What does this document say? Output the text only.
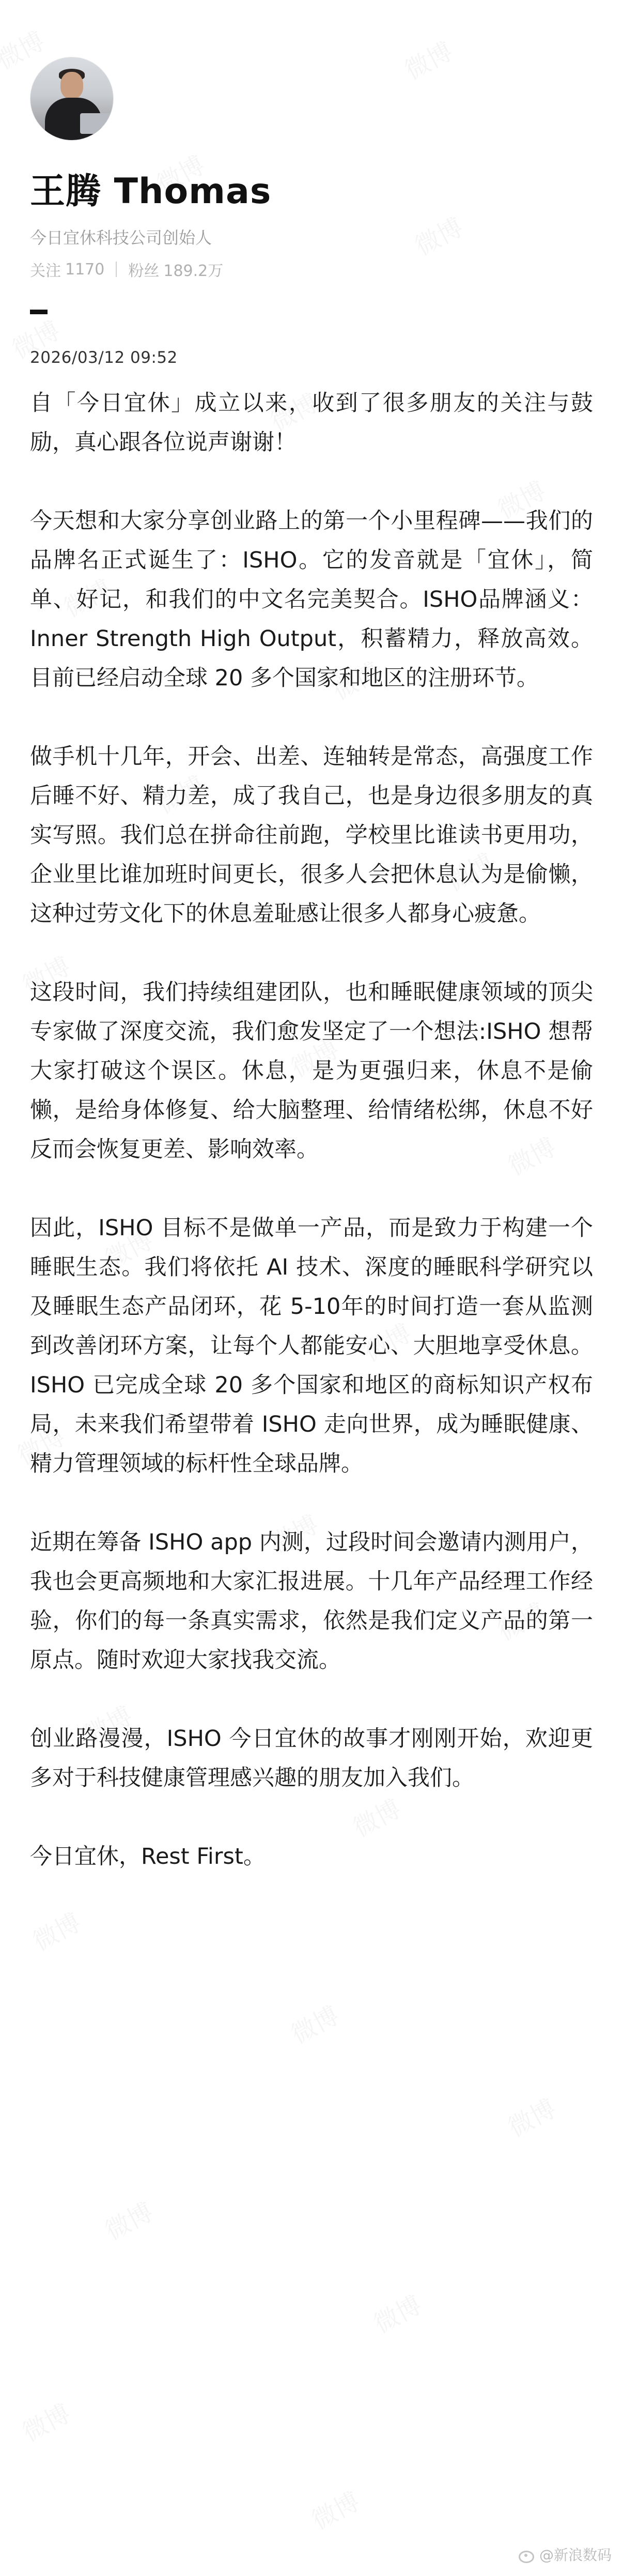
王腾 Thomas
今日宜休科技公司创始人
关注 1170 粉丝 189.2万
2026/03/12 09:52

自「今日宜休」成立以来，收到了很多朋友的关注与鼓励，真心跟各位说声谢谢！

今天想和大家分享创业路上的第一个小里程碑——我们的品牌名正式诞生了：ISHO。它的发音就是「宜休」，简单、好记，和我们的中文名完美契合。ISHO品牌涵义：Inner Strength High Output，积蓄精力，释放高效。目前已经启动全球 20 多个国家和地区的注册环节。

做手机十几年，开会、出差、连轴转是常态，高强度工作后睡不好、精力差，成了我自己，也是身边很多朋友的真实写照。我们总在拼命往前跑，学校里比谁读书更用功，企业里比谁加班时间更长，很多人会把休息认为是偷懒，这种过劳文化下的休息羞耻感让很多人都身心疲惫。

这段时间，我们持续组建团队，也和睡眠健康领域的顶尖专家做了深度交流，我们愈发坚定了一个想法:ISHO 想帮大家打破这个误区。休息，是为更强归来，休息不是偷懒，是给身体修复、给大脑整理、给情绪松绑，休息不好反而会恢复更差、影响效率。

因此，ISHO 目标不是做单一产品，而是致力于构建一个睡眠生态。我们将依托 AI 技术、深度的睡眠科学研究以及睡眠生态产品闭环，花 5-10年的时间打造一套从监测到改善闭环方案，让每个人都能安心、大胆地享受休息。ISHO 已完成全球 20 多个国家和地区的商标知识产权布局，未来我们希望带着 ISHO 走向世界，成为睡眠健康、精力管理领域的标杆性全球品牌。

近期在筹备 ISHO app 内测，过段时间会邀请内测用户，我也会更高频地和大家汇报进展。十几年产品经理工作经验，你们的每一条真实需求，依然是我们定义产品的第一原点。随时欢迎大家找我交流。

创业路漫漫，ISHO 今日宜休的故事才刚刚开始，欢迎更多对于科技健康管理感兴趣的朋友加入我们。

今日宜休，Rest First。

@新浪数码
